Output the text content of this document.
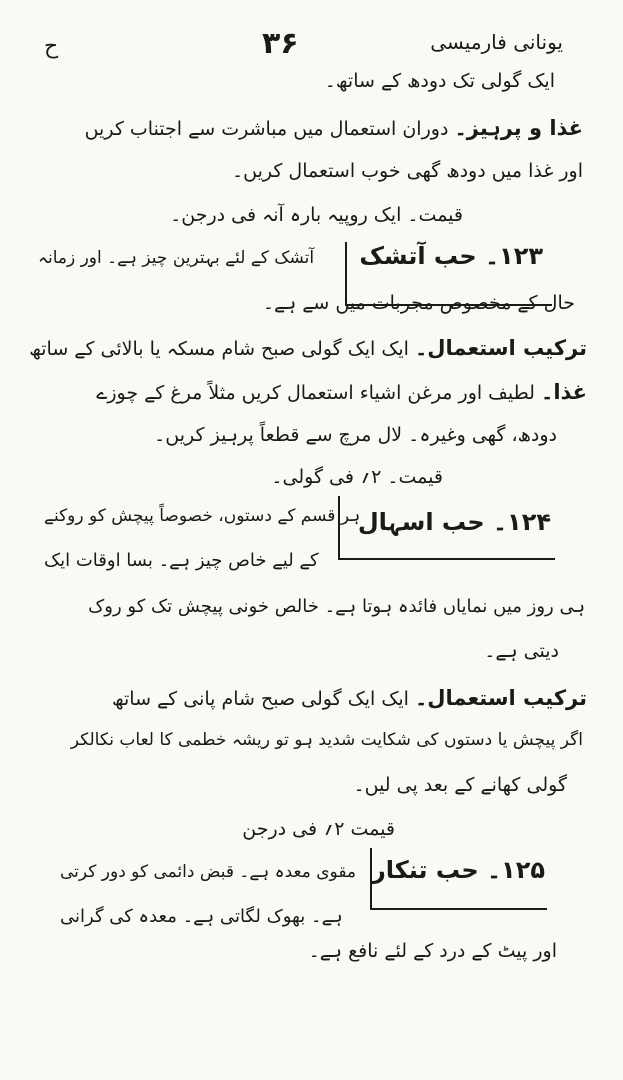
یونانی فارمیسی
۳۶
ح
ایک گولی تک دودھ کے ساتھ۔
غذا و پرہیز۔ دوران استعمال میں مباشرت سے اجتناب کریں
اور غذا میں دودھ گھی خوب استعمال کریں۔
قیمت۔ ایک روپیہ بارہ آنہ فی درجن۔
۱۲۳۔ حب آتشک
آتشک کے لئے بہترین چیز ہے۔ اور زمانہ
حال کے مخصوص مجربات میں سے ہے۔
ترکیب استعمال۔ ایک ایک گولی صبح شام مسکہ یا بالائی کے ساتھ
غذا۔ لطیف اور مرغن اشیاء استعمال کریں مثلاً مرغ کے چوزے
دودھ، گھی وغیرہ۔ لال مرچ سے قطعاً پرہیز کریں۔
قیمت۔ ۲؍ فی گولی۔
۱۲۴۔ حب اسہال
ہر قسم کے دستوں، خصوصاً پیچش کو روکنے
کے لیے خاص چیز ہے۔ بسا اوقات ایک
ہی روز میں نمایاں فائدہ ہوتا ہے۔ خالص خونی پیچش تک کو روک
دیتی ہے۔
ترکیب استعمال۔ ایک ایک گولی صبح شام پانی کے ساتھ
اگر پیچش یا دستوں کی شکایت شدید ہو تو ریشہ خطمی کا لعاب نکالکر
گولی کھانے کے بعد پی لیں۔
قیمت ۲؍ فی درجن
۱۲۵۔ حب تنکار
مقوی معدہ ہے۔ قبض دائمی کو دور کرتی
ہے۔ بھوک لگاتی ہے۔ معدہ کی گرانی
اور پیٹ کے درد کے لئے نافع ہے۔
